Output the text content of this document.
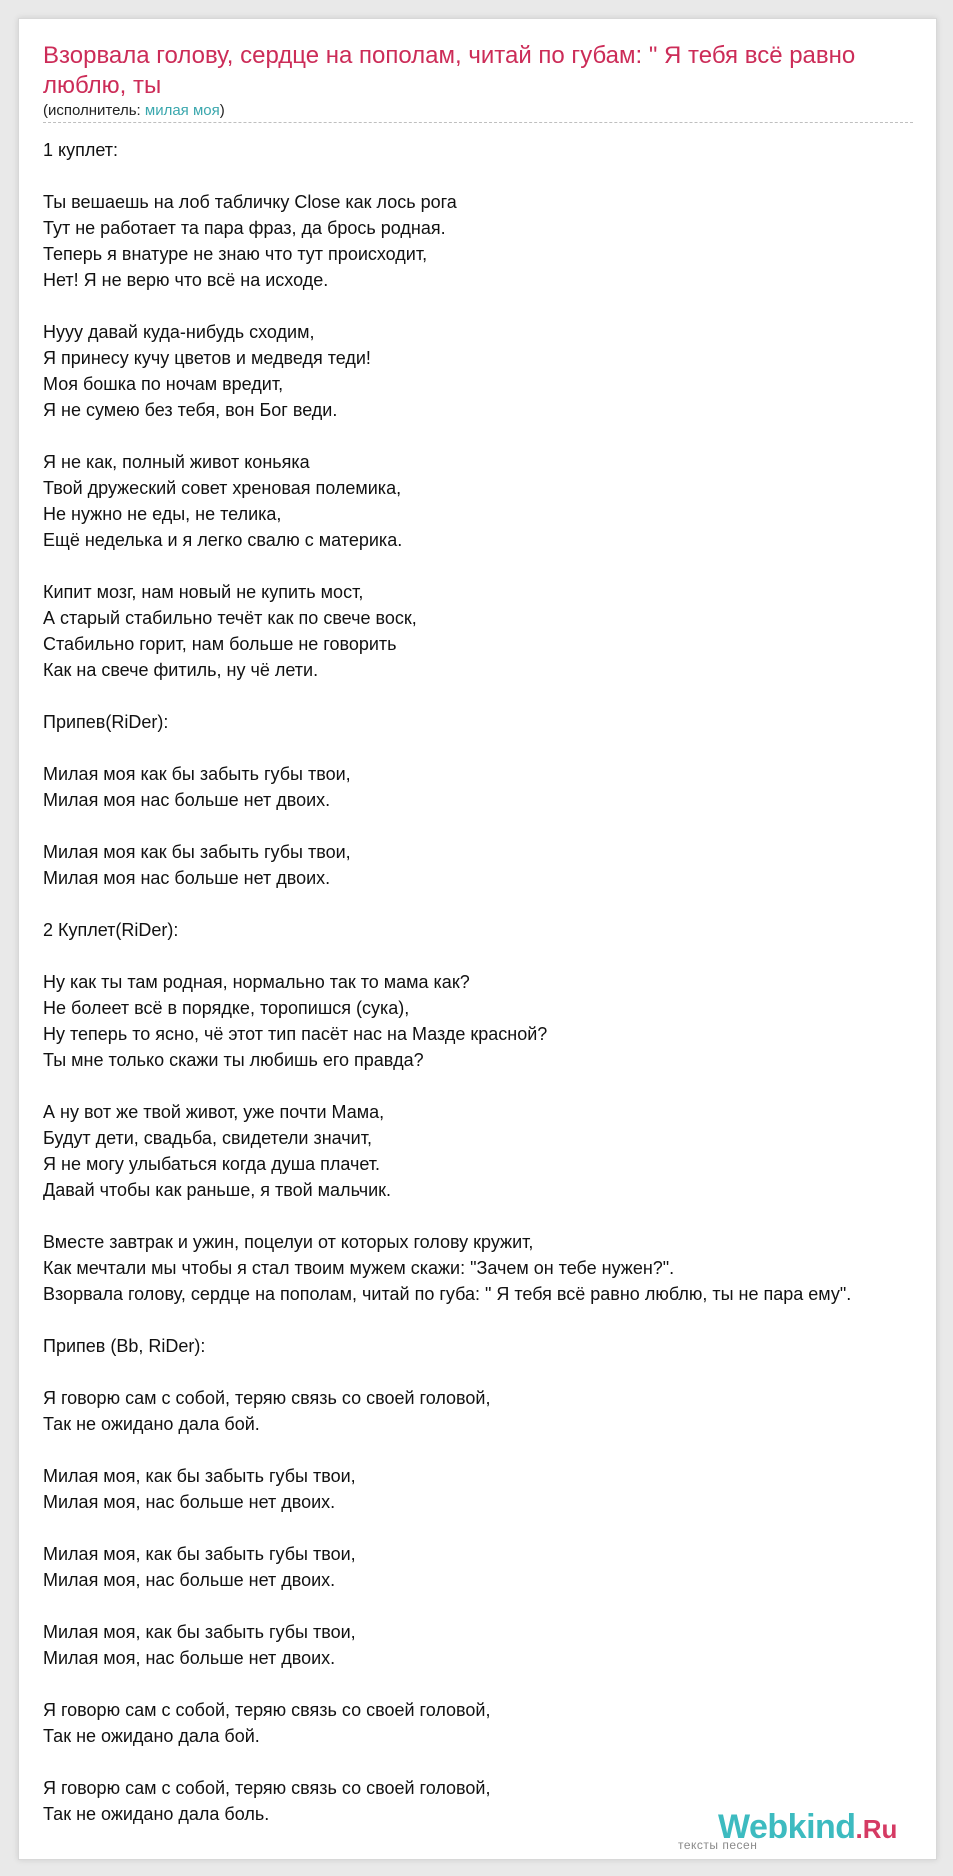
Взорвала голову, сердце на пополам, читай по губам: " Я тебя всё равно люблю, ты
(исполнитель: милая моя)
1 куплет:

Ты вешаешь на лоб табличку Close как лось рога
Тут не работает та пара фраз, да брось родная.
Теперь я внатуре не знаю что тут происходит,
Нет! Я не верю что всё на исходе.

Нууу давай куда-нибудь сходим,
Я принесу кучу цветов и медведя теди!
Моя бошка по ночам вредит,
Я не сумею без тебя, вон Бог веди.

Я не как, полный живот коньяка
Твой дружеский совет хреновая полемика,
Не нужно не еды, не телика,
Ещё неделька и я легко свалю с материка.

Кипит мозг, нам новый не купить мост,
А старый стабильно течёт как по свече воск,
Стабильно горит, нам больше не говорить
Как на свече фитиль, ну чё лети.

Припев(RiDer):

Милая моя как бы забыть губы твои,
Милая моя нас больше нет двоих.

Милая моя как бы забыть губы твои,
Милая моя нас больше нет двоих.

2 Куплет(RiDer):

Ну как ты там родная, нормально так то мама как?
Не болеет всё в порядке, торопишся (сука),
Ну теперь то ясно, чё этот тип пасёт нас на Мазде красной?
Ты мне только скажи ты любишь его правда?

А ну вот же твой живот, уже почти Мама,
Будут дети, свадьба, свидетели значит,
Я не могу улыбаться когда душа плачет.
Давай чтобы как раньше, я твой мальчик.

Вместе завтрак и ужин, поцелуи от которых голову кружит,
Как мечтали мы чтобы я стал твоим мужем скажи: "Зачем он тебе нужен?".
Взорвала голову, сердце на пополам, читай по губа: " Я тебя всё равно люблю, ты не пара ему".

Припев (Bb, RiDer):

Я говорю сам с собой, теряю связь со своей головой,
Так не ожидано дала бой.

Милая моя, как бы забыть губы твои,
Милая моя, нас больше нет двоих.

Милая моя, как бы забыть губы твои,
Милая моя, нас больше нет двоих.

Милая моя, как бы забыть губы твои,
Милая моя, нас больше нет двоих.

Я говорю сам с собой, теряю связь со своей головой,
Так не ожидано дала бой.

Я говорю сам с собой, теряю связь со своей головой,
Так не ожидано дала боль.	Webkind.Ru
тексты песен
